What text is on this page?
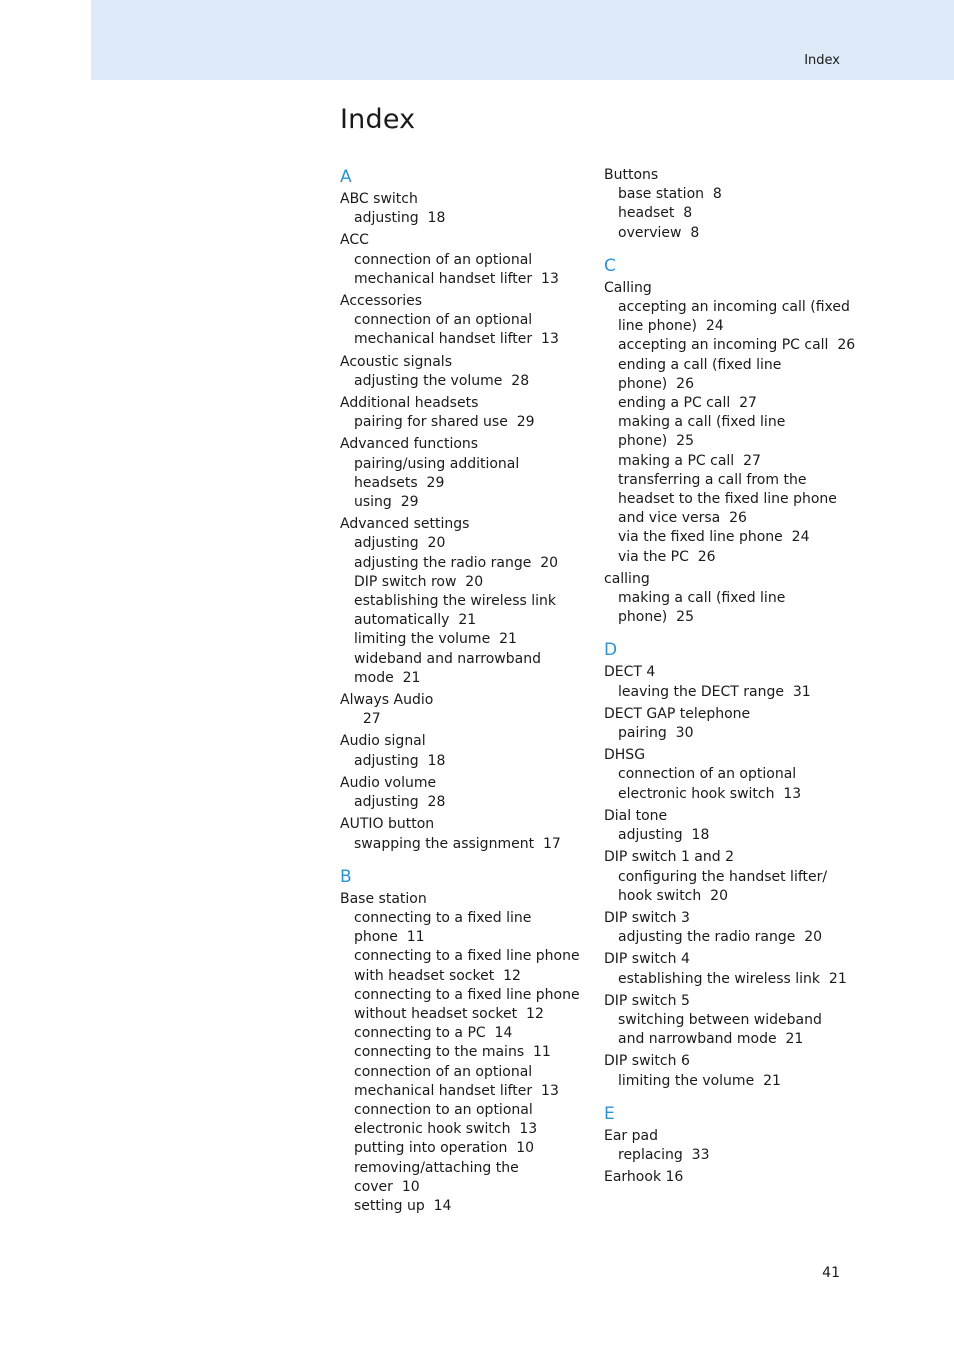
Index
Index
A
ABC switch
adjusting  18
ACC
connection of an optional
mechanical handset lifter  13
Accessories
connection of an optional
mechanical handset lifter  13
Acoustic signals
adjusting the volume  28
Additional headsets
pairing for shared use  29
Advanced functions
pairing/using additional
headsets  29
using  29
Advanced settings
adjusting  20
adjusting the radio range  20
DIP switch row  20
establishing the wireless link
automatically  21
limiting the volume  21
wideband and narrowband
mode  21
Always Audio
27
Audio signal
adjusting  18
Audio volume
adjusting  28
AUTIO button
swapping the assignment  17
B
Base station
connecting to a fixed line
phone  11
connecting to a fixed line phone
with headset socket  12
connecting to a fixed line phone
without headset socket  12
connecting to a PC  14
connecting to the mains  11
connection of an optional
mechanical handset lifter  13
connection to an optional
electronic hook switch  13
putting into operation  10
removing/attaching the
cover  10
setting up  14
Buttons
base station  8
headset  8
overview  8
C
Calling
accepting an incoming call (fixed
line phone)  24
accepting an incoming PC call  26
ending a call (fixed line
phone)  26
ending a PC call  27
making a call (fixed line
phone)  25
making a PC call  27
transferring a call from the
headset to the fixed line phone
and vice versa  26
via the fixed line phone  24
via the PC  26
calling
making a call (fixed line
phone)  25
D
DECT 4
leaving the DECT range  31
DECT GAP telephone
pairing  30
DHSG
connection of an optional
electronic hook switch  13
Dial tone
adjusting  18
DIP switch 1 and 2
configuring the handset lifter/
hook switch  20
DIP switch 3
adjusting the radio range  20
DIP switch 4
establishing the wireless link  21
DIP switch 5
switching between wideband
and narrowband mode  21
DIP switch 6
limiting the volume  21
E
Ear pad
replacing  33
Earhook 16
41
